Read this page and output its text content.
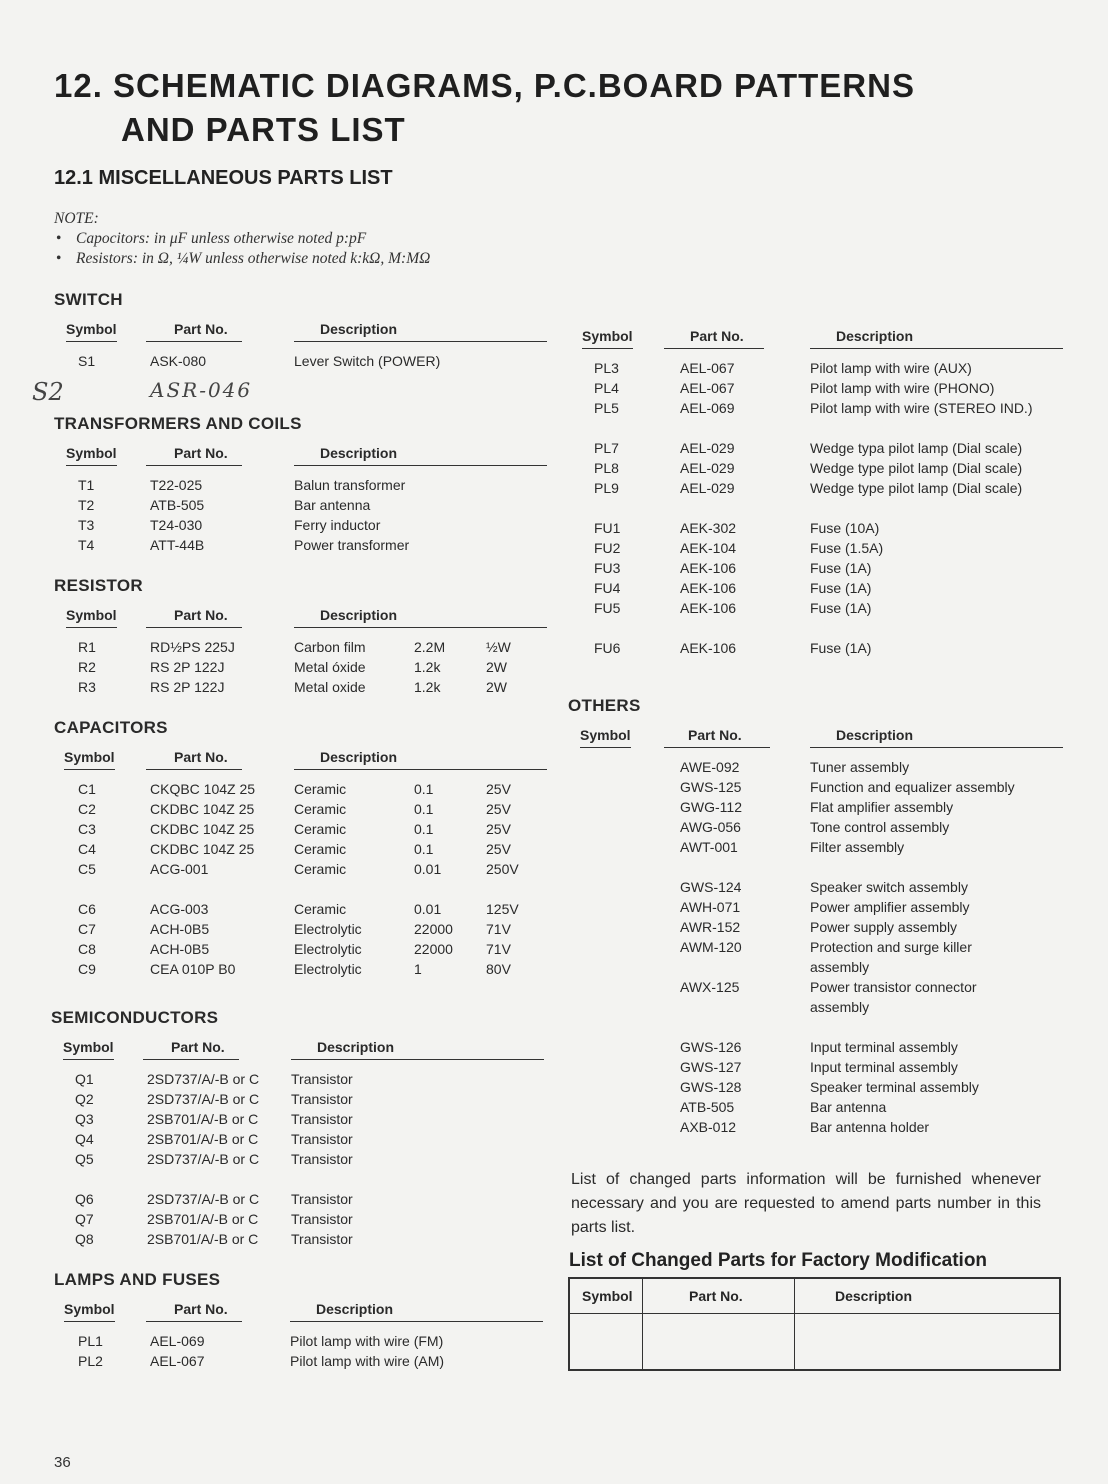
12. SCHEMATIC DIAGRAMS, P.C.BOARD PATTERNS
AND PARTS LIST
12.1 MISCELLANEOUS PARTS LIST
NOTE:
• Capocitors: in μF unless otherwise noted p:pF
• Resistors: in Ω, ¼W unless otherwise noted k:kΩ, M:MΩ
S2	ASR-046
SWITCH
Symbol	Part No.	Description

S1	ASK-080	Lever Switch (POWER)
TRANSFORMERS AND COILS
Symbol	Part No.	Description

T1	T22-025	Balun transformer
T2	ATB-505	Bar antenna
T3	T24-030	Ferry inductor
T4	ATT-44B	Power transformer
RESISTOR
Symbol	Part No.	Description		

R1	RD½PS 225J	Carbon film	2.2M	½W
R2	RS 2P 122J	Metal óxide	1.2k	2W
R3	RS 2P 122J	Metal oxide	1.2k	2W
CAPACITORS
Symbol	Part No.	Description		

C1	CKQBC 104Z 25	Ceramic	0.1	25V
C2	CKDBC 104Z 25	Ceramic	0.1	25V
C3	CKDBC 104Z 25	Ceramic	0.1	25V
C4	CKDBC 104Z 25	Ceramic	0.1	25V
C5	ACG-001	Ceramic	0.01	250V

C6	ACG-003	Ceramic	0.01	125V
C7	ACH-0B5	Electrolytic	22000	71V
C8	ACH-0B5	Electrolytic	22000	71V
C9	CEA 010P B0	Electrolytic	1	80V
SEMICONDUCTORS
Symbol	Part No.	Description

Q1	2SD737/A/-B or C	Transistor
Q2	2SD737/A/-B or C	Transistor
Q3	2SB701/A/-B or C	Transistor
Q4	2SB701/A/-B or C	Transistor
Q5	2SD737/A/-B or C	Transistor

Q6	2SD737/A/-B or C	Transistor
Q7	2SB701/A/-B or C	Transistor
Q8	2SB701/A/-B or C	Transistor
LAMPS AND FUSES
Symbol	Part No.	Description

PL1	AEL-069	Pilot lamp with wire (FM)
PL2	AEL-067	Pilot lamp with wire (AM)
Symbol	Part No.	Description

PL3	AEL-067	Pilot lamp with wire (AUX)
PL4	AEL-067	Pilot lamp with wire (PHONO)
PL5	AEL-069	Pilot lamp with wire (STEREO IND.)

PL7	AEL-029	Wedge typa pilot lamp (Dial scale)
PL8	AEL-029	Wedge type pilot lamp (Dial scale)
PL9	AEL-029	Wedge type pilot lamp (Dial scale)

FU1	AEK-302	Fuse (10A)
FU2	AEK-104	Fuse (1.5A)
FU3	AEK-106	Fuse (1A)
FU4	AEK-106	Fuse (1A)
FU5	AEK-106	Fuse (1A)

FU6	AEK-106	Fuse (1A)
OTHERS
Symbol	Part No.	Description

	AWE-092	Tuner assembly
	GWS-125	Function and equalizer assembly
	GWG-112	Flat amplifier assembly
	AWG-056	Tone control assembly
	AWT-001	Filter assembly

	GWS-124	Speaker switch assembly
	AWH-071	Power amplifier assembly
	AWR-152	Power supply assembly
	AWM-120	Protection and surge killer
		assembly
	AWX-125	Power transistor connector
		assembly

	GWS-126	Input terminal assembly
	GWS-127	Input terminal assembly
	GWS-128	Speaker terminal assembly
	ATB-505	Bar antenna
	AXB-012	Bar antenna holder

List of changed parts information will be furnished whenever necessary and you are requested to amend parts number in this parts list.

List of Changed Parts for Factory Modification
Symbol	Part No.	Description
36
